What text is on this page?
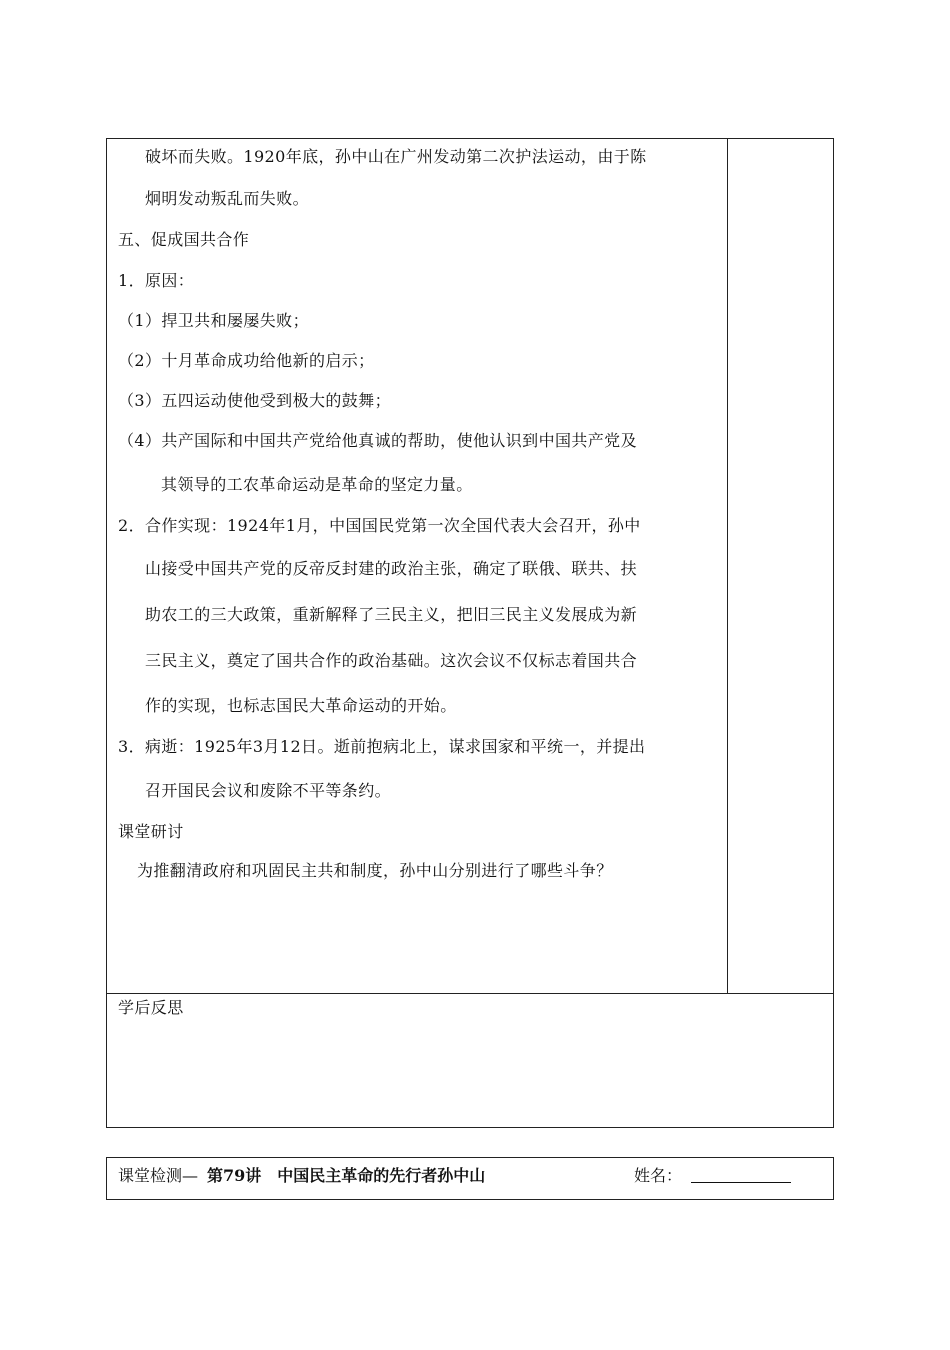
破坏而失败。1920年底，孙中山在广州发动第二次护法运动，由于陈
炯明发动叛乱而失败。
五、促成国共合作
1．原因：
（1）捍卫共和屡屡失败；
（2）十月革命成功给他新的启示；
（3）五四运动使他受到极大的鼓舞；
（4）共产国际和中国共产党给他真诚的帮助，使他认识到中国共产党及
其领导的工农革命运动是革命的坚定力量。
2．合作实现：1924年1月，中国国民党第一次全国代表大会召开，孙中
山接受中国共产党的反帝反封建的政治主张，确定了联俄、联共、扶
助农工的三大政策，重新解释了三民主义，把旧三民主义发展成为新
三民主义，奠定了国共合作的政治基础。这次会议不仅标志着国共合
作的实现，也标志国民大革命运动的开始。
3．病逝：1925年3月12日。逝前抱病北上，谋求国家和平统一，并提出
召开国民会议和废除不平等条约。
课堂研讨
为推翻清政府和巩固民主共和制度，孙中山分别进行了哪些斗争？
学后反思
课堂检测— 第79讲　中国民主革命的先行者孙中山	姓名：
